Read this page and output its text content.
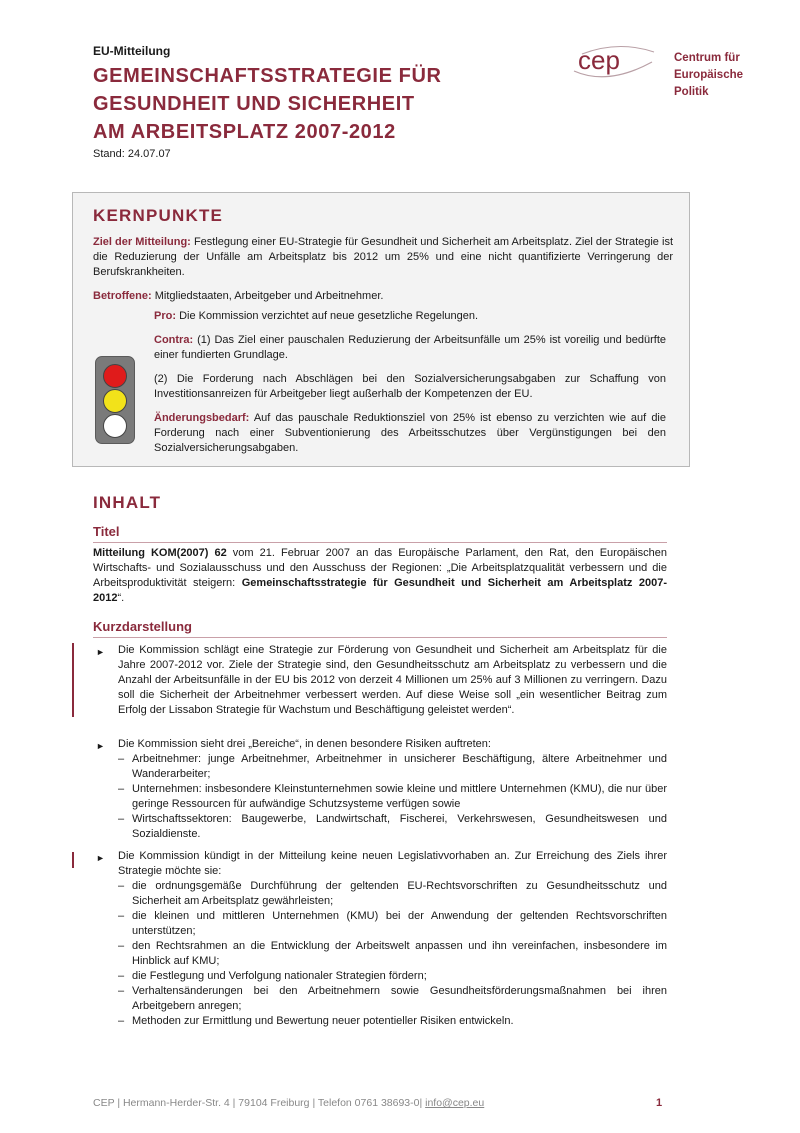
EU-Mitteilung
GEMEINSCHAFTSSTRATEGIE FÜR
GESUNDHEIT UND SICHERHEIT
AM ARBEITSPLATZ 2007-2012
Stand: 24.07.07
cep	Centrum für
Europäische
Politik
KERNPUNKTE
Ziel der Mitteilung: Festlegung einer EU-Strategie für Gesundheit und Sicherheit am Arbeitsplatz. Ziel der Strategie ist die Reduzierung der Unfälle am Arbeitsplatz bis 2012 um 25% und eine nicht quantifizierte Verringerung der Berufskrankheiten.
Betroffene: Mitgliedstaaten, Arbeitgeber und Arbeitnehmer.
Pro: Die Kommission verzichtet auf neue gesetzliche Regelungen.
Contra: (1) Das Ziel einer pauschalen Reduzierung der Arbeitsunfälle um 25% ist voreilig und bedürfte einer fundierten Grundlage.
(2) Die Forderung nach Abschlägen bei den Sozialversicherungsabgaben zur Schaffung von Investitionsanreizen für Arbeitgeber liegt außerhalb der Kompetenzen der EU.
Änderungsbedarf: Auf das pauschale Reduktionsziel von 25% ist ebenso zu verzichten wie auf die Forderung nach einer Subventionierung des Arbeitsschutzes über Vergünstigungen bei den Sozialversicherungsabgaben.
INHALT
Titel
Mitteilung KOM(2007) 62 vom 21. Februar 2007 an das Europäische Parlament, den Rat, den Europäischen Wirtschafts- und Sozialausschuss und den Ausschuss der Regionen: „Die Arbeitsplatzqualität verbessern und die Arbeitsproduktivität steigern: Gemeinschaftsstrategie für Gesundheit und Sicherheit am Arbeitsplatz 2007-2012“.
Kurzdarstellung
► Die Kommission schlägt eine Strategie zur Förderung von Gesundheit und Sicherheit am Arbeitsplatz für die Jahre 2007-2012 vor. Ziele der Strategie sind, den Gesundheitsschutz am Arbeitsplatz zu verbessern und die Anzahl der Arbeitsunfälle in der EU bis 2012 von derzeit 4 Millionen um 25% auf 3 Millionen zu verringern. Dazu soll die Sicherheit der Arbeitnehmer verbessert werden. Auf diese Weise soll „ein wesentlicher Beitrag zum Erfolg der Lissabon Strategie für Wachstum und Beschäftigung geleistet werden“.
► Die Kommission sieht drei „Bereiche“, in denen besondere Risiken auftreten:
– Arbeitnehmer: junge Arbeitnehmer, Arbeitnehmer in unsicherer Beschäftigung, ältere Arbeitnehmer und Wanderarbeiter;
– Unternehmen: insbesondere Kleinstunternehmen sowie kleine und mittlere Unternehmen (KMU), die nur über geringe Ressourcen für aufwändige Schutzsysteme verfügen sowie
– Wirtschaftssektoren: Baugewerbe, Landwirtschaft, Fischerei, Verkehrswesen, Gesundheitswesen und Sozialdienste.
► Die Kommission kündigt in der Mitteilung keine neuen Legislativvorhaben an. Zur Erreichung des Ziels ihrer Strategie möchte sie:
– die ordnungsgemäße Durchführung der geltenden EU-Rechtsvorschriften zu Gesundheitsschutz und Sicherheit am Arbeitsplatz gewährleisten;
– die kleinen und mittleren Unternehmen (KMU) bei der Anwendung der geltenden Rechtsvorschriften unterstützen;
– den Rechtsrahmen an die Entwicklung der Arbeitswelt anpassen und ihn vereinfachen, insbesondere im Hinblick auf KMU;
– die Festlegung und Verfolgung nationaler Strategien fördern;
– Verhaltensänderungen bei den Arbeitnehmern sowie Gesundheitsförderungsmaßnahmen bei ihren Arbeitgebern anregen;
– Methoden zur Ermittlung und Bewertung neuer potentieller Risiken entwickeln.
CEP | Hermann-Herder-Str. 4 | 79104 Freiburg | Telefon 0761 38693-0| info@cep.eu	1
